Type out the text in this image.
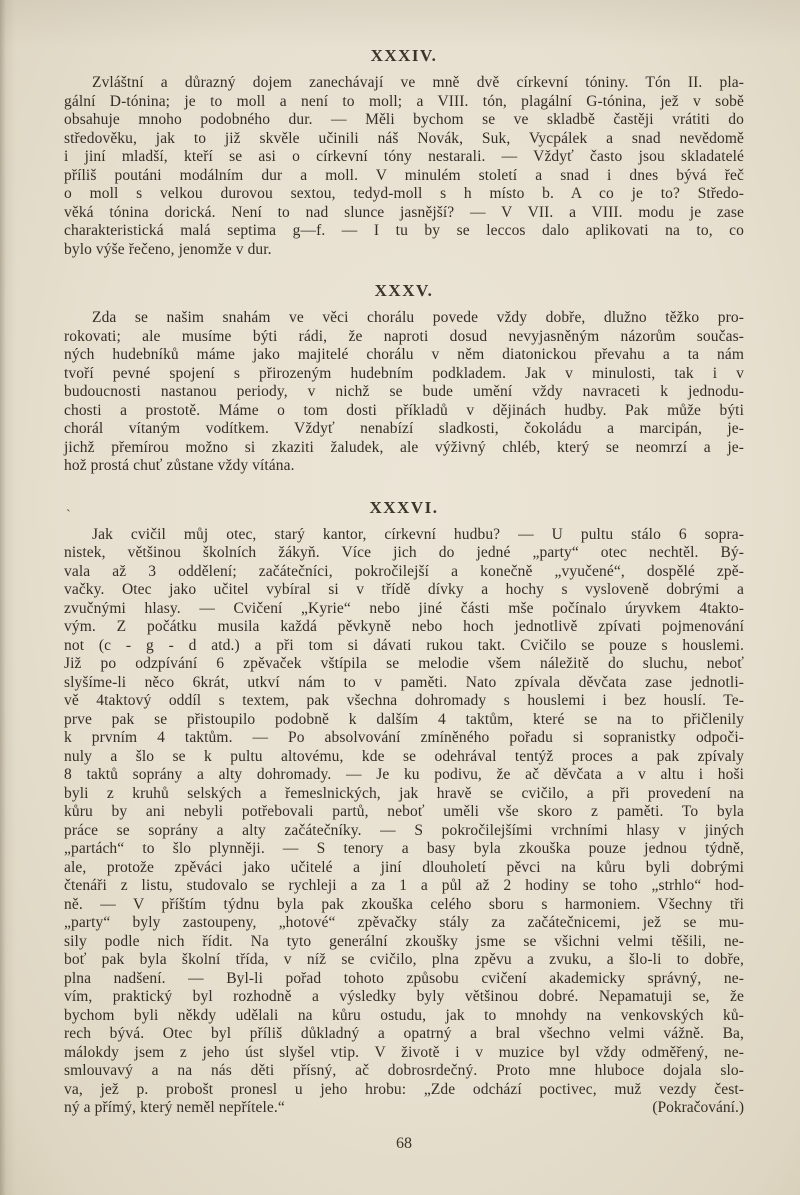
XXXIV.
Zvláštní a důrazný dojem zanechávají ve mně dvě církevní tóniny. Tón II. pla-
gální D-tónina; je to moll a není to moll; a VIII. tón, plagální G-tónina, jež v sobě
obsahuje mnoho podobného dur. — Měli bychom se ve skladbě častěji vrátiti do
středověku, jak to již skvěle učinili náš Novák, Suk, Vycpálek a snad nevědomě
i jiní mladší, kteří se asi o církevní tóny nestarali. — Vždyť často jsou skladatelé
příliš poutáni modálním dur a moll. V minulém století a snad i dnes bývá řeč
o moll s velkou durovou sextou, tedyd-moll s h místo b. A co je to? Středo-
věká tónina dorická. Není to nad slunce jasnější? — V VII. a VIII. modu je zase
charakteristická malá septima g—f. — I tu by se leccos dalo aplikovati na to, co
bylo výše řečeno, jenomže v dur.
XXXV.
Zda se našim snahám ve věci chorálu povede vždy dobře, dlužno těžko pro-
rokovati; ale musíme býti rádi, že naproti dosud nevyjasněným názorům součas-
ných hudebníků máme jako majitelé chorálu v něm diatonickou převahu a ta nám
tvoří pevné spojení s přirozeným hudebním podkladem. Jak v minulosti, tak i v
budoucnosti nastanou periody, v nichž se bude umění vždy navraceti k jednodu-
chosti a prostotě. Máme o tom dosti příkladů v dějinách hudby. Pak může býti
chorál vítaným vodítkem. Vždyť nenabízí sladkosti, čokoládu a marcipán, je-
jichž přemírou možno si zkaziti žaludek, ale výživný chléb, který se neomrzí a je-
hož prostá chuť zůstane vždy vítána.
XXXVI.
`
Jak cvičil můj otec, starý kantor, církevní hudbu? — U pultu stálo 6 sopra-
nistek, většinou školních žákyň. Více jich do jedné „party“ otec nechtěl. Bý-
vala až 3 oddělení; začátečníci, pokročilejší a konečně „vyučené“, dospělé zpě-
vačky. Otec jako učitel vybíral si v třídě dívky a hochy s vysloveně dobrými a
zvučnými hlasy. — Cvičení „Kyrie“ nebo jiné části mše počínalo úryvkem 4takto-
vým. Z počátku musila každá pěvkyně nebo hoch jednotlivě zpívati pojmenování
not (c - g - d atd.) a při tom si dávati rukou takt. Cvičilo se pouze s houslemi.
Již po odzpívání 6 zpěvaček vštípila se melodie všem náležitě do sluchu, neboť
slyšíme-li něco 6krát, utkví nám to v paměti. Nato zpívala děvčata zase jednotli-
vě 4taktový oddíl s textem, pak všechna dohromady s houslemi i bez houslí. Te-
prve pak se přistoupilo podobně k dalším 4 taktům, které se na to přičlenily
k prvním 4 taktům. — Po absolvování zmíněného pořadu si sopranistky odpoči-
nuly a šlo se k pultu altovému, kde se odehrával tentýž proces a pak zpívaly
8 taktů soprány a alty dohromady. — Je ku podivu, že ač děvčata a v altu i hoši
byli z kruhů selských a řemeslnických, jak hravě se cvičilo, a při provedení na
kůru by ani nebyli potřebovali partů, neboť uměli vše skoro z paměti. To byla
práce se soprány a alty začátečníky. — S pokročilejšími vrchními hlasy v jiných
„partách“ to šlo plynněji. — S tenory a basy byla zkouška pouze jednou týdně,
ale, protože zpěváci jako učitelé a jiní dlouholetí pěvci na kůru byli dobrými
čtenáři z listu, studovalo se rychleji a za 1 a půl až 2 hodiny se toho „strhlo“ hod-
ně. — V příštím týdnu byla pak zkouška celého sboru s harmoniem. Všechny tři
„party“ byly zastoupeny, „hotové“ zpěvačky stály za začátečnicemi, jež se mu-
sily podle nich řídit. Na tyto generální zkoušky jsme se všichni velmi těšili, ne-
boť pak byla školní třída, v níž se cvičilo, plna zpěvu a zvuku, a šlo-li to dobře,
plna nadšení. — Byl-li pořad tohoto způsobu cvičení akademicky správný, ne-
vím, praktický byl rozhodně a výsledky byly většinou dobré. Nepamatuji se, že
bychom byli někdy udělali na kůru ostudu, jak to mnohdy na venkovských ků-
rech bývá. Otec byl příliš důkladný a opatrný a bral všechno velmi vážně. Ba,
málokdy jsem z jeho úst slyšel vtip. V životě i v muzice byl vždy odměřený, ne-
smlouvavý a na nás děti přísný, ač dobrosrdečný. Proto mne hluboce dojala slo-
va, jež p. probošt pronesl u jeho hrobu: „Zde odchází poctivec, muž vezdy čest-
ný a přímý, který neměl nepřítele.“	(Pokračování.)
68
